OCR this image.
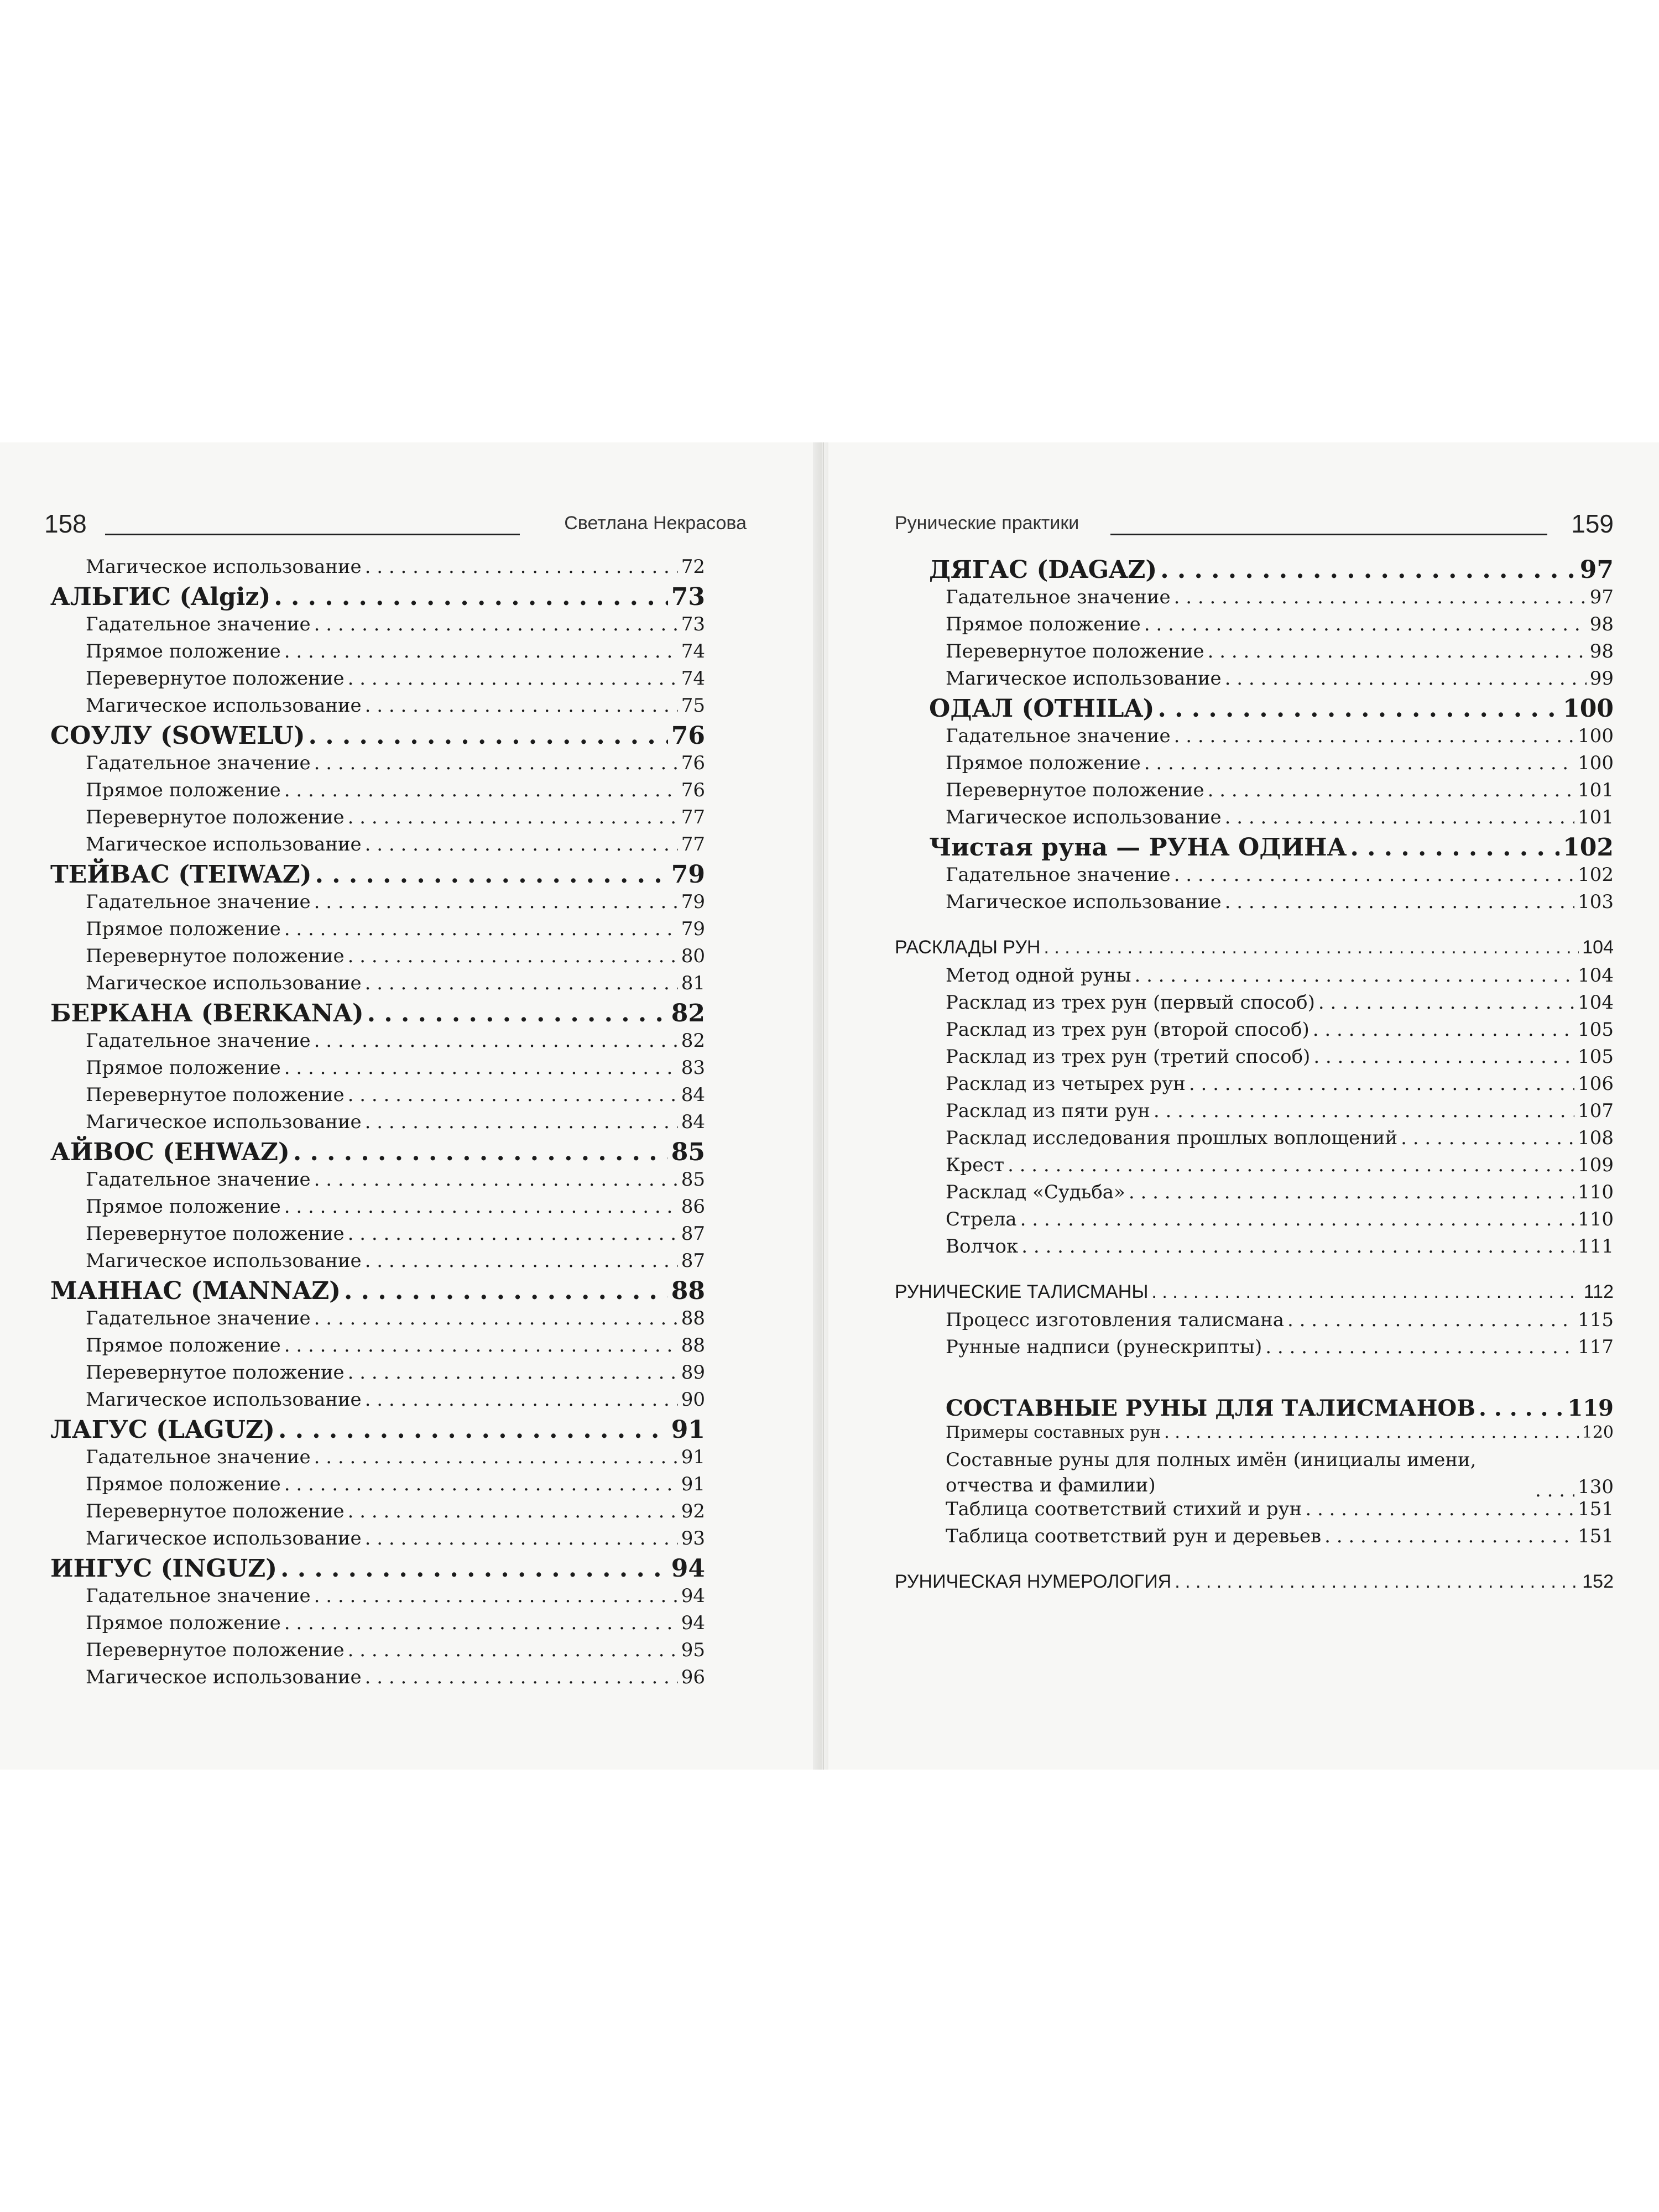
158	Светлана Некрасова
Магическое использование . . .	72
АЛЬГИС (Algiz) . . .	73
Гадательное значение . . .	73
Прямое положение . . .	74
Перевернутое положение . . .	74
Магическое использование . . .	75
СОУЛУ (SOWELU) . . .	76
Гадательное значение . . .	76
Прямое положение . . .	76
Перевернутое положение . . .	77
Магическое использование . . .	77
ТЕЙВАС (TEIWAZ) . . .	79
Гадательное значение . . .	79
Прямое положение . . .	79
Перевернутое положение . . .	80
Магическое использование . . .	81
БЕРКАНА (BERKANA) . . .	82
Гадательное значение . . .	82
Прямое положение . . .	83
Перевернутое положение . . .	84
Магическое использование . . .	84
АЙВОС (EHWAZ) . . .	85
Гадательное значение . . .	85
Прямое положение . . .	86
Перевернутое положение . . .	87
Магическое использование . . .	87
МАННАС (MANNAZ) . . .	88
Гадательное значение . . .	88
Прямое положение . . .	88
Перевернутое положение . . .	89
Магическое использование . . .	90
ЛАГУС (LAGUZ) . . .	91
Гадательное значение . . .	91
Прямое положение . . .	91
Перевернутое положение . . .	92
Магическое использование . . .	93
ИНГУС (INGUZ) . . .	94
Гадательное значение . . .	94
Прямое положение . . .	94
Перевернутое положение . . .	95
Магическое использование . . .	96
Рунические практики	159
ДЯГАС (DAGAZ) . . .	97
Гадательное значение . . .	97
Прямое положение . . .	98
Перевернутое положение . . .	98
Магическое использование . . .	99
ОДАЛ (OTHILA) . . .	100
Гадательное значение . . .	100
Прямое положение . . .	100
Перевернутое положение . . .	101
Магическое использование . . .	101
Чистая руна — РУНА ОДИНА . . .	102
Гадательное значение . . .	102
Магическое использование . . .	103
РАСКЛАДЫ РУН . . .	104
Метод одной руны . . .	104
Расклад из трех рун (первый способ) . . .	104
Расклад из трех рун (второй способ) . . .	105
Расклад из трех рун (третий способ) . . .	105
Расклад из четырех рун . . .	106
Расклад из пяти рун . . .	107
Расклад исследования прошлых воплощений . . .	108
Крест . . .	109
Расклад «Судьба» . . .	110
Стрела . . .	110
Волчок . . .	111
РУНИЧЕСКИЕ ТАЛИСМАНЫ . . .	112
Процесс изготовления талисмана . . .	115
Рунные надписи (рунескрипты) . . .	117
СОСТАВНЫЕ РУНЫ ДЛЯ ТАЛИСМАНОВ . . .	119
Примеры составных рун . . .	120
Составные руны для полных имён (инициалы имени, отчества и фамилии) . . .	130
Таблица соответствий стихий и рун . . .	151
Таблица соответствий рун и деревьев . . .	151
РУНИЧЕСКАЯ НУМЕРОЛОГИЯ . . .	152
